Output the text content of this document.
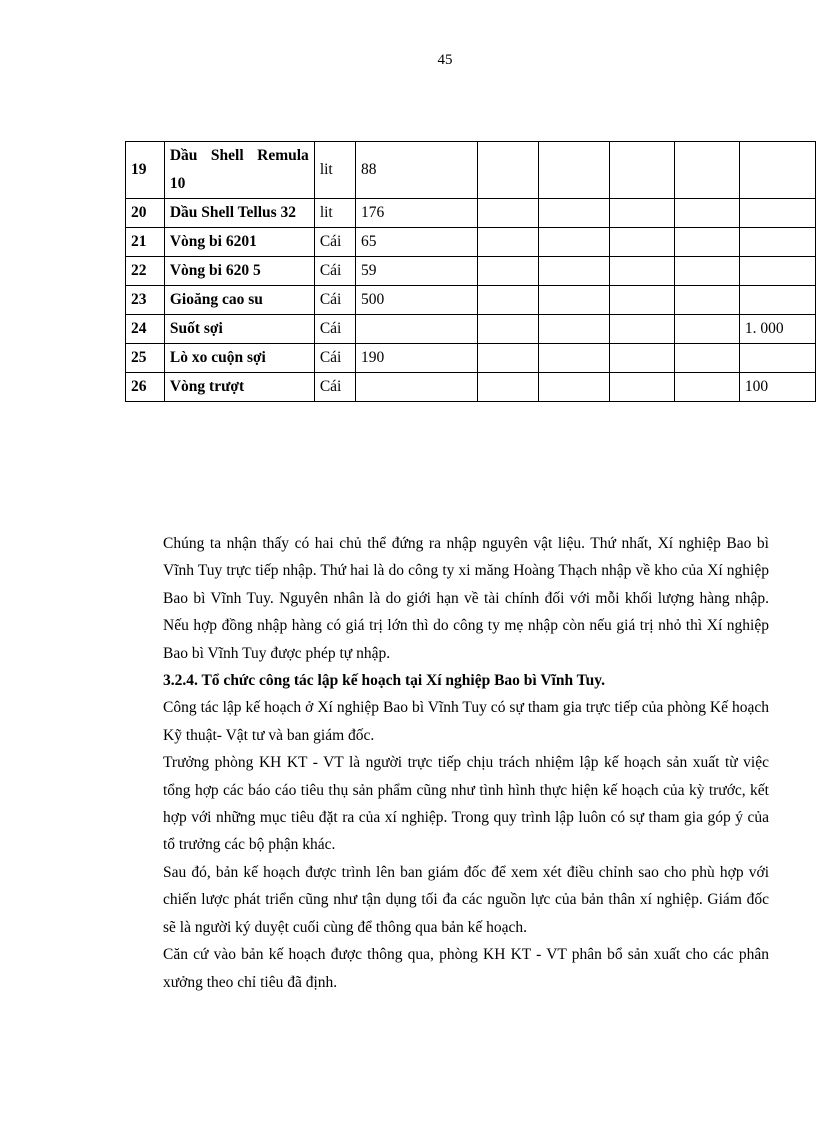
45
19	Dầu Shell Remula 10	lit	88					
20	Dầu Shell Tellus 32	lit	176					
21	Vòng bi 6201	Cái	65					
22	Vòng bi 620 5	Cái	59					
23	Gioăng cao su	Cái	500					
24	Suốt sợi	Cái						1. 000
25	Lò xo cuộn sợi	Cái	190					
26	Vòng trượt	Cái						100

Chúng ta nhận thấy có hai chủ thể đứng ra nhập nguyên vật liệu. Thứ nhất, Xí nghiệp Bao bì Vĩnh Tuy trực tiếp nhập. Thứ hai là do công ty xi măng Hoàng Thạch nhập về kho của Xí nghiệp Bao bì Vĩnh Tuy. Nguyên nhân là do giới hạn về tài chính đối với mỗi khối lượng hàng nhập. Nếu hợp đồng nhập hàng có giá trị lớn thì do công ty mẹ nhập còn nếu giá trị nhỏ thì Xí nghiệp Bao bì Vĩnh Tuy được phép tự nhập.

3.2.4. Tổ chức công tác lập kế hoạch tại Xí nghiệp Bao bì Vĩnh Tuy.

Công tác lập kế hoạch ở Xí nghiệp Bao bì Vĩnh Tuy có sự tham gia trực tiếp của phòng Kế hoạch Kỹ thuật- Vật tư và ban giám đốc.

Trưởng phòng KH KT - VT là người trực tiếp chịu trách nhiệm lập kế hoạch sản xuất từ việc tổng hợp các báo cáo tiêu thụ sản phẩm cũng như tình hình thực hiện kế hoạch của kỳ trước, kết hợp với những mục tiêu đặt ra của xí nghiệp. Trong quy trình lập luôn có sự tham gia góp ý của tổ trưởng các bộ phận khác.

Sau đó, bản kế hoạch được trình lên ban giám đốc để xem xét điều chỉnh sao cho phù hợp với chiến lược phát triển cũng như tận dụng tối đa các nguồn lực của bản thân xí nghiệp. Giám đốc sẽ là người ký duyệt cuối cùng để thông qua bản kế hoạch.

Căn cứ vào bản kế hoạch được thông qua, phòng KH KT - VT phân bổ sản xuất cho các phân xưởng theo chỉ tiêu đã định.
